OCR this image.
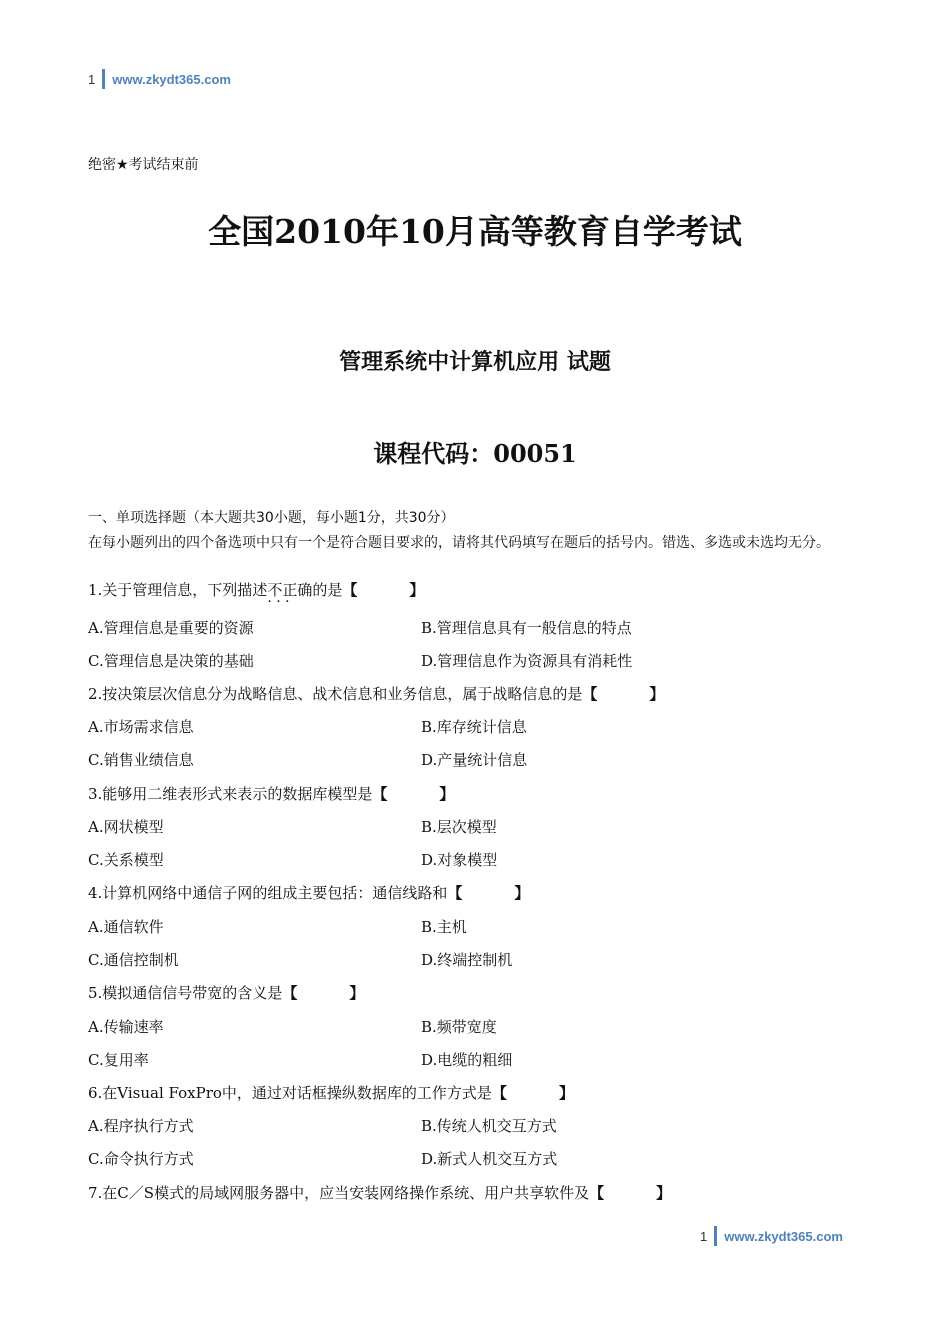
1 www.zkydt365.com
绝密★考试结束前
全国2010年10月高等教育自学考试
管理系统中计算机应用 试题
课程代码：00051
一、单项选择题（本大题共30小题，每小题1分，共30分）
在每小题列出的四个备选项中只有一个是符合题目要求的，请将其代码填写在题后的括号内。错选、多选或未选均无分。
1.关于管理信息，下列描述不正确 · · ·的是【	】
A.管理信息是重要的资源	B.管理信息具有一般信息的特点
C.管理信息是决策的基础	D.管理信息作为资源具有消耗性
2.按决策层次信息分为战略信息、战术信息和业务信息，属于战略信息的是【	】
A.市场需求信息	B.库存统计信息
C.销售业绩信息	D.产量统计信息
3.能够用二维表形式来表示的数据库模型是【	】
A.网状模型	B.层次模型
C.关系模型	D.对象模型
4.计算机网络中通信子网的组成主要包括：通信线路和【	】
A.通信软件	B.主机
C.通信控制机	D.终端控制机
5.模拟通信信号带宽的含义是【	】
A.传输速率	B.频带宽度
C.复用率	D.电缆的粗细
6.在Visual FoxPro中，通过对话框操纵数据库的工作方式是【	】
A.程序执行方式	B.传统人机交互方式
C.命令执行方式	D.新式人机交互方式
7.在C／S模式的局域网服务器中，应当安装网络操作系统、用户共享软件及【	】
1 www.zkydt365.com
